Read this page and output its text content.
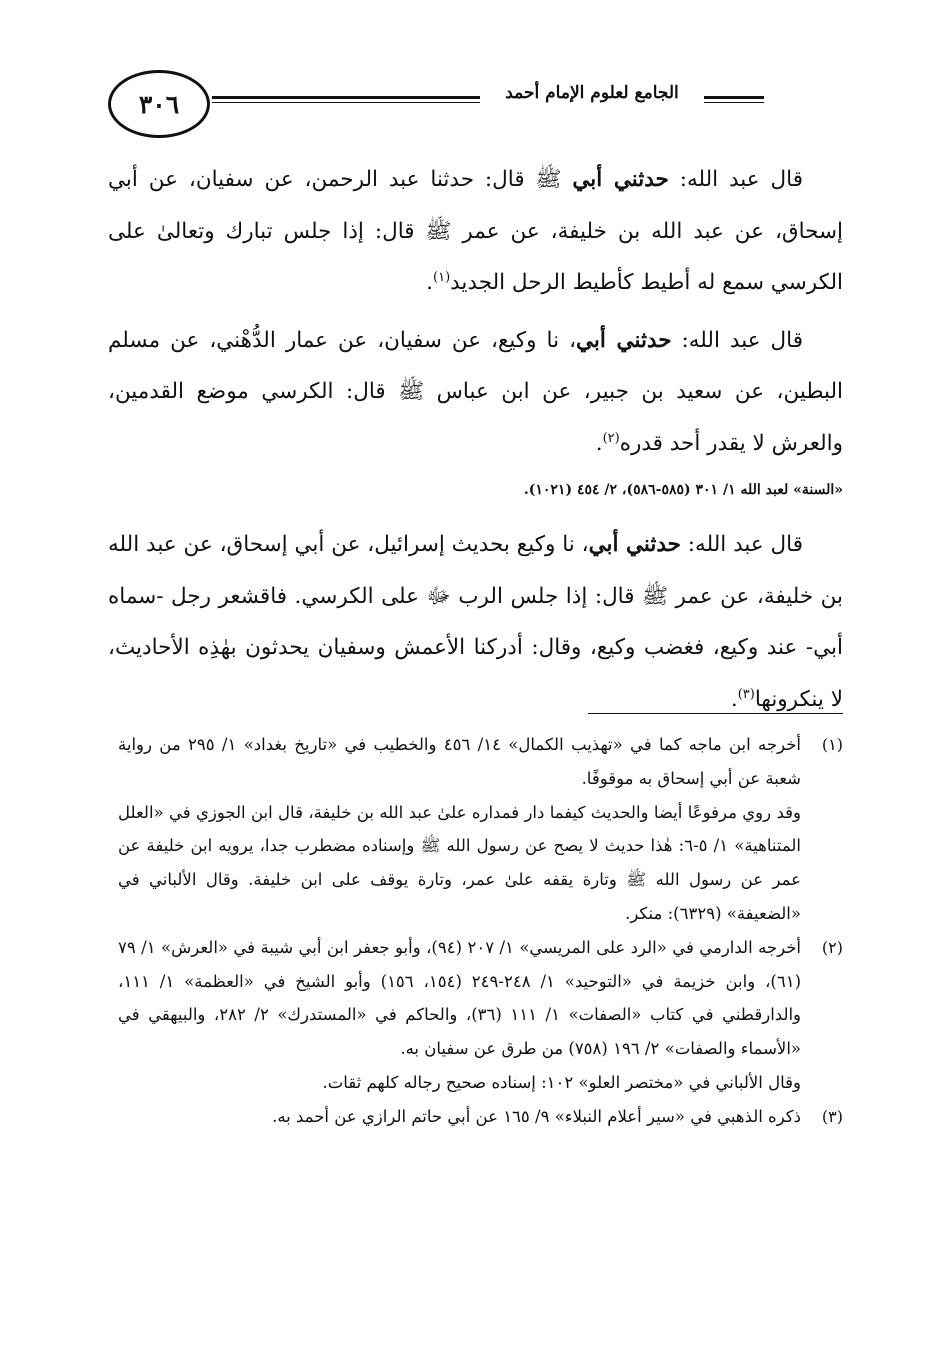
٣٠٦	الجامع لعلوم الإمام أحمد

قال عبد الله: حدثني أبي ﷺ قال: حدثنا عبد الرحمن، عن سفيان، عن أبي إسحاق، عن عبد الله بن خليفة، عن عمر ﷺ قال: إذا جلس تبارك وتعالىٰ على الكرسي سمع له أطيط كأطيط الرحل الجديد$^{(١)}$.

قال عبد الله: حدثني أبي، نا وكيع، عن سفيان، عن عمار الدُّهْني، عن مسلم البطين، عن سعيد بن جبير، عن ابن عباس ﷺ قال: الكرسي موضع القدمين، والعرش لا يقدر أحد قدره$^{(٢)}$.

«السنة» لعبد الله ١/ ٣٠١ (٥٨٥-٥٨٦)، ٢/ ٤٥٤ (١٠٢١).

قال عبد الله: حدثني أبي، نا وكيع بحديث إسرائيل، عن أبي إسحاق، عن عبد الله بن خليفة، عن عمر ﷺ قال: إذا جلس الرب ﷻ على الكرسي. فاقشعر رجل -سماه أبي- عند وكيع، فغضب وكيع، وقال: أدركنا الأعمش وسفيان يحدثون بهٰذِه الأحاديث، لا ينكرونها$^{(٣)}$.

(١)

أخرجه ابن ماجه كما في «تهذيب الكمال» ١٤/ ٤٥٦ والخطيب في «تاريخ بغداد» ١/ ٢٩٥ من رواية شعبة عن أبي إسحاق به موقوفًا.

وقد روي مرفوعًا أيضا والحديث كيفما دار فمداره علىٰ عبد الله بن خليفة، قال ابن الجوزي في «العلل المتناهية» ١/ ٥-٦: هٰذا حديث لا يصح عن رسول الله ﷺ وإسناده مضطرب جدا، يرويه ابن خليفة عن عمر عن رسول الله ﷺ وتارة يقفه علىٰ عمر، وتارة يوقف على ابن خليفة. وقال الألباني في «الضعيفة» (٦٣٢٩): منكر.

(٢)

أخرجه الدارمي في «الرد على المريسي» ١/ ٢٠٧ (٩٤)، وأبو جعفر ابن أبي شيبة في «العرش» ١/ ٧٩ (٦١)، وابن خزيمة في «التوحيد» ١/ ٢٤٨-٢٤٩ (١٥٤، ١٥٦) وأبو الشيخ في «العظمة» ١/ ١١١، والدارقطني في كتاب «الصفات» ١/ ١١١ (٣٦)، والحاكم في «المستدرك» ٢/ ٢٨٢، والبيهقي في «الأسماء والصفات» ٢/ ١٩٦ (٧٥٨) من طرق عن سفيان به.

وقال الألباني في «مختصر العلو» ١٠٢: إسناده صحيح رجاله كلهم ثقات.

(٣)

ذكره الذهبي في «سير أعلام النبلاء» ٩/ ١٦٥ عن أبي حاتم الرازي عن أحمد به.
